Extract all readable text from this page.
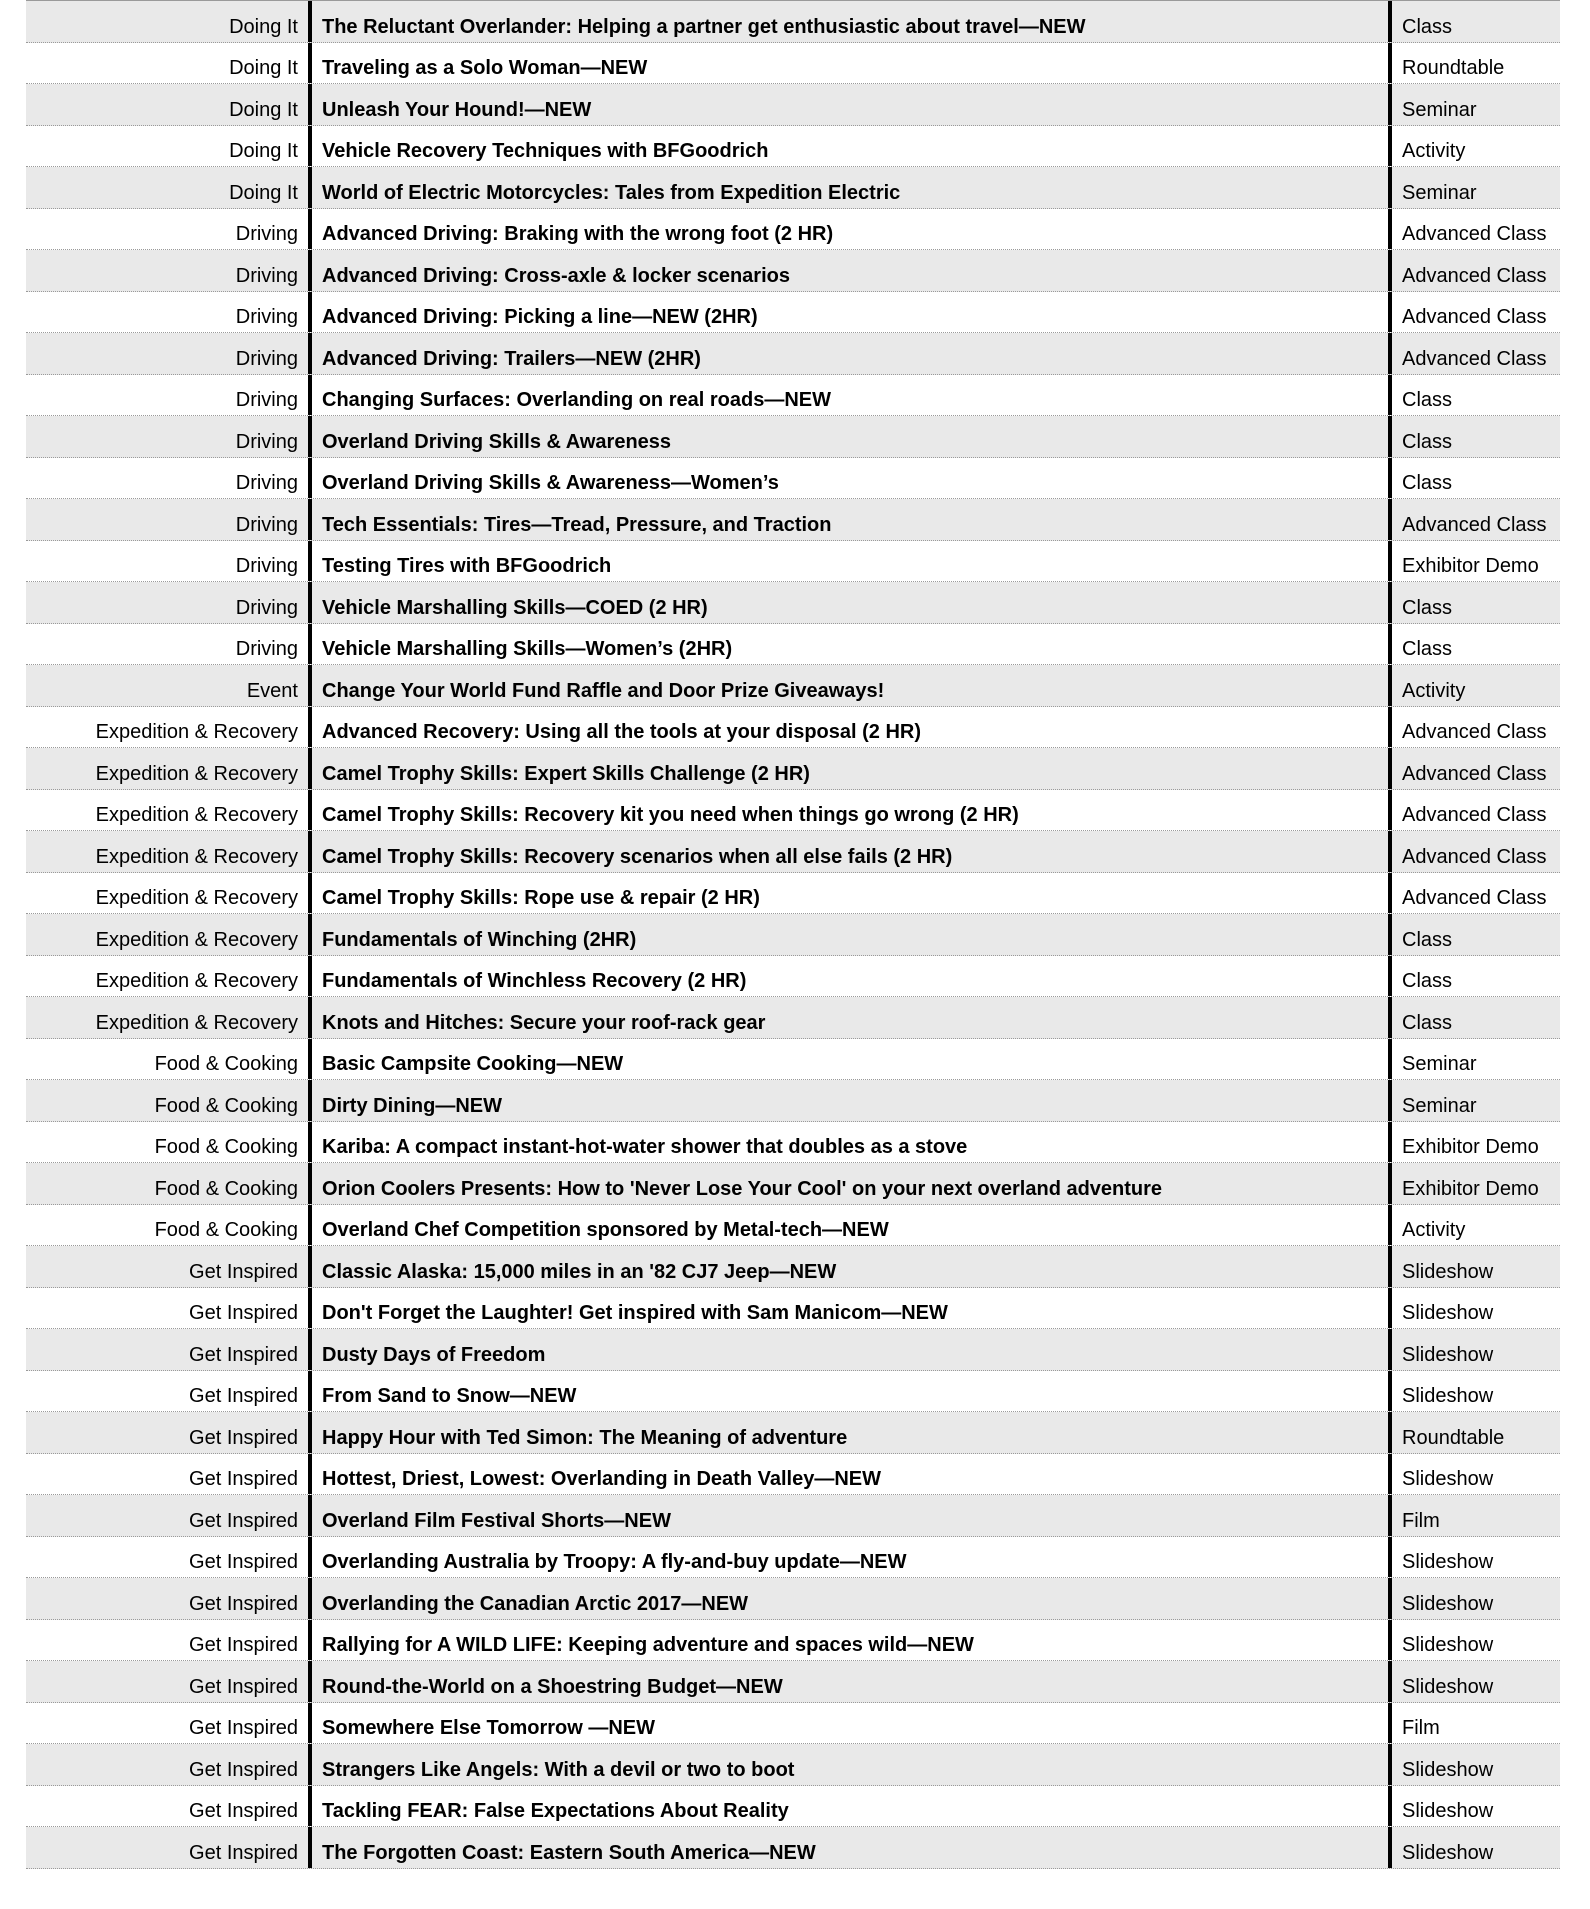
Doing It	The Reluctant Overlander: Helping a partner get enthusiastic about travel—NEW	Class
Doing It	Traveling as a Solo Woman—NEW	Roundtable
Doing It	Unleash Your Hound!—NEW	Seminar
Doing It	Vehicle Recovery Techniques with BFGoodrich	Activity
Doing It	World of Electric Motorcycles: Tales from Expedition Electric	Seminar
Driving	Advanced Driving: Braking with the wrong foot (2 HR)	Advanced Class
Driving	Advanced Driving: Cross-axle & locker scenarios	Advanced Class
Driving	Advanced Driving: Picking a line—NEW (2HR)	Advanced Class
Driving	Advanced Driving: Trailers—NEW (2HR)	Advanced Class
Driving	Changing Surfaces: Overlanding on real roads—NEW	Class
Driving	Overland Driving Skills & Awareness	Class
Driving	Overland Driving Skills & Awareness—Women’s	Class
Driving	Tech Essentials: Tires—Tread, Pressure, and Traction	Advanced Class
Driving	Testing Tires with BFGoodrich	Exhibitor Demo
Driving	Vehicle Marshalling Skills—COED (2 HR)	Class
Driving	Vehicle Marshalling Skills—Women’s (2HR)	Class
Event	Change Your World Fund Raffle and Door Prize Giveaways!	Activity
Expedition & Recovery	Advanced Recovery: Using all the tools at your disposal (2 HR)	Advanced Class
Expedition & Recovery	Camel Trophy Skills: Expert Skills Challenge (2 HR)	Advanced Class
Expedition & Recovery	Camel Trophy Skills: Recovery kit you need when things go wrong (2 HR)	Advanced Class
Expedition & Recovery	Camel Trophy Skills: Recovery scenarios when all else fails (2 HR)	Advanced Class
Expedition & Recovery	Camel Trophy Skills: Rope use & repair (2 HR)	Advanced Class
Expedition & Recovery	Fundamentals of Winching (2HR)	Class
Expedition & Recovery	Fundamentals of Winchless Recovery (2 HR)	Class
Expedition & Recovery	Knots and Hitches: Secure your roof-rack gear	Class
Food & Cooking	Basic Campsite Cooking—NEW	Seminar
Food & Cooking	Dirty Dining—NEW	Seminar
Food & Cooking	Kariba: A compact instant-hot-water shower that doubles as a stove	Exhibitor Demo
Food & Cooking	Orion Coolers Presents: How to 'Never Lose Your Cool' on your next overland adventure	Exhibitor Demo
Food & Cooking	Overland Chef Competition sponsored by Metal-tech—NEW	Activity
Get Inspired	Classic Alaska: 15,000 miles in an '82 CJ7 Jeep—NEW	Slideshow
Get Inspired	Don't Forget the Laughter! Get inspired with Sam Manicom—NEW	Slideshow
Get Inspired	Dusty Days of Freedom	Slideshow
Get Inspired	From Sand to Snow—NEW	Slideshow
Get Inspired	Happy Hour with Ted Simon: The Meaning of adventure	Roundtable
Get Inspired	Hottest, Driest, Lowest: Overlanding in Death Valley—NEW	Slideshow
Get Inspired	Overland Film Festival Shorts—NEW	Film
Get Inspired	Overlanding Australia by Troopy: A fly-and-buy update—NEW	Slideshow
Get Inspired	Overlanding the Canadian Arctic 2017—NEW	Slideshow
Get Inspired	Rallying for A WILD LIFE: Keeping adventure and spaces wild—NEW	Slideshow
Get Inspired	Round-the-World on a Shoestring Budget—NEW	Slideshow
Get Inspired	Somewhere Else Tomorrow —NEW	Film
Get Inspired	Strangers Like Angels: With a devil or two to boot	Slideshow
Get Inspired	Tackling FEAR: False Expectations About Reality	Slideshow
Get Inspired	The Forgotten Coast: Eastern South America—NEW	Slideshow
